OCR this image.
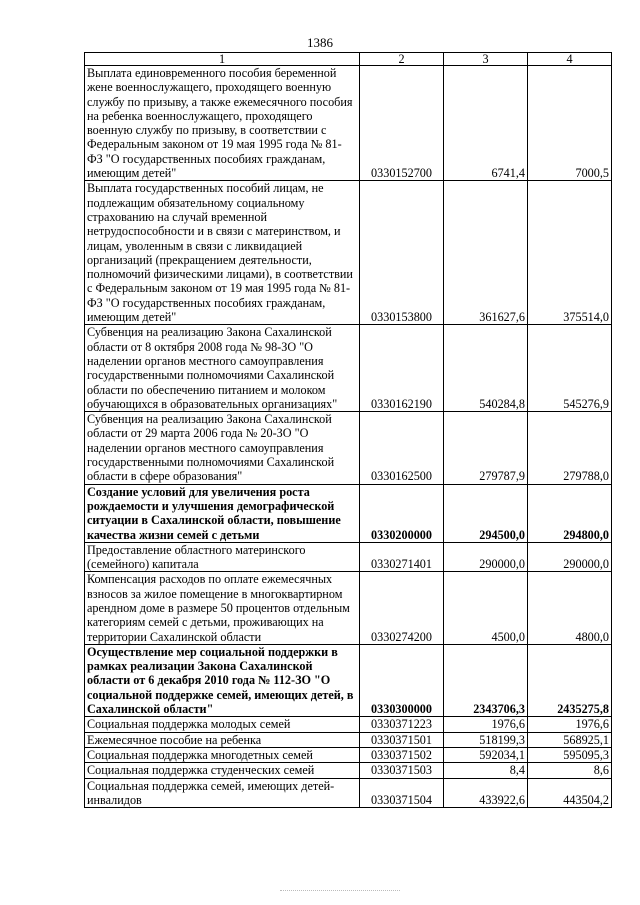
1386
1	2	3	4
Выплата единовременного пособия беременной жене военнослужащего, проходящего военную службу по призыву, а также ежемесячного пособия на ребенка военнослужащего, проходящего военную службу по призыву, в соответствии с Федеральным законом от 19 мая 1995 года № 81-ФЗ "О государственных пособиях гражданам, имеющим детей"	0330152700	6741,4	7000,5
Выплата государственных пособий лицам, не подлежащим обязательному социальному страхованию на случай временной нетрудоспособности и в связи с материнством, и лицам, уволенным в связи с ликвидацией организаций (прекращением деятельности, полномочий физическими лицами), в соответствии с Федеральным законом от 19 мая 1995 года № 81-ФЗ "О государственных пособиях гражданам, имеющим детей"	0330153800	361627,6	375514,0
Субвенция на реализацию Закона Сахалинской области от 8 октября 2008 года № 98-ЗО "О наделении органов местного самоуправления государственными полномочиями Сахалинской области по обеспечению питанием и молоком обучающихся в образовательных организациях"	0330162190	540284,8	545276,9
Субвенция на реализацию Закона Сахалинской области от 29 марта 2006 года № 20-ЗО "О наделении органов местного самоуправления государственными полномочиями Сахалинской области в сфере образования"	0330162500	279787,9	279788,0
Создание условий для увеличения роста рождаемости и улучшения демографической ситуации в Сахалинской области, повышение качества жизни семей с детьми	0330200000	294500,0	294800,0
Предоставление областного материнского (семейного) капитала	0330271401	290000,0	290000,0
Компенсация расходов по оплате ежемесячных взносов за жилое помещение в многоквартирном арендном доме в размере 50 процентов отдельным категориям семей с детьми, проживающих на территории Сахалинской области	0330274200	4500,0	4800,0
Осуществление мер социальной поддержки в рамках реализации Закона Сахалинской области от 6 декабря 2010 года № 112-ЗО "О социальной поддержке семей, имеющих детей, в Сахалинской области"	0330300000	2343706,3	2435275,8
Социальная поддержка молодых семей	0330371223	1976,6	1976,6
Ежемесячное пособие на ребенка	0330371501	518199,3	568925,1
Социальная поддержка многодетных семей	0330371502	592034,1	595095,3
Социальная поддержка студенческих семей	0330371503	8,4	8,6
Социальная поддержка семей, имеющих детей-инвалидов	0330371504	433922,6	443504,2
